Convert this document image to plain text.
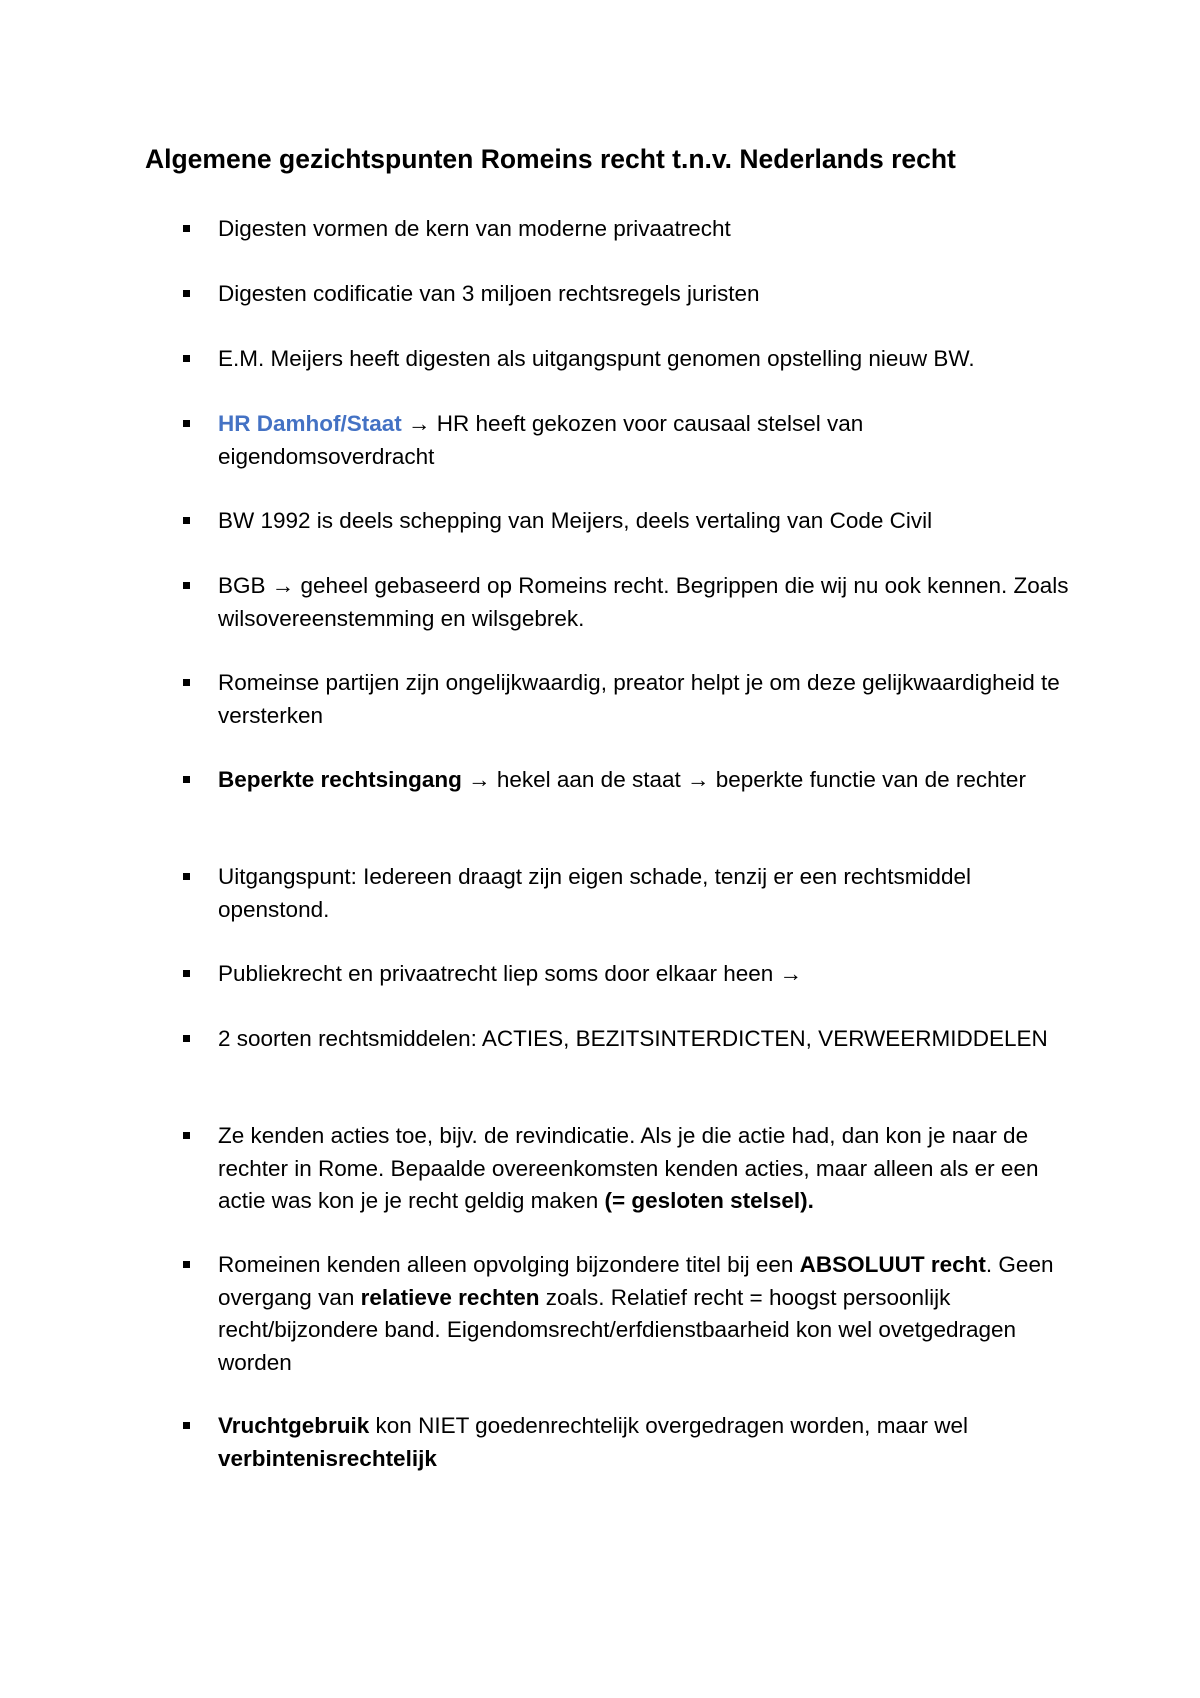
Algemene gezichtspunten Romeins recht t.n.v. Nederlands recht
Digesten vormen de kern van moderne privaatrecht
Digesten codificatie van 3 miljoen rechtsregels juristen
E.M. Meijers heeft digesten als uitgangspunt genomen opstelling nieuw BW.
HR Damhof/Staat → HR heeft gekozen voor causaal stelsel van eigendomsoverdracht
BW 1992 is deels schepping van Meijers, deels vertaling van Code Civil
BGB → geheel gebaseerd op Romeins recht. Begrippen die wij nu ook kennen. Zoals wilsovereenstemming en wilsgebrek.
Romeinse partijen zijn ongelijkwaardig, preator helpt je om deze gelijkwaardigheid te versterken
Beperkte rechtsingang → hekel aan de staat → beperkte functie van de rechter
Uitgangspunt: Iedereen draagt zijn eigen schade, tenzij er een rechtsmiddel openstond.
Publiekrecht en privaatrecht liep soms door elkaar heen →
2 soorten rechtsmiddelen: ACTIES, BEZITSINTERDICTEN, VERWEERMIDDELEN
Ze kenden acties toe, bijv. de revindicatie. Als je die actie had, dan kon je naar de rechter in Rome. Bepaalde overeenkomsten kenden acties, maar alleen als er een actie was kon je je recht geldig maken (= gesloten stelsel).
Romeinen kenden alleen opvolging bijzondere titel bij een ABSOLUUT recht. Geen overgang van relatieve rechten zoals. Relatief recht = hoogst persoonlijk recht/bijzondere band. Eigendomsrecht/erfdienstbaarheid kon wel ovetgedragen worden
Vruchtgebruik kon NIET goedenrechtelijk overgedragen worden, maar wel verbintenisrechtelijk
